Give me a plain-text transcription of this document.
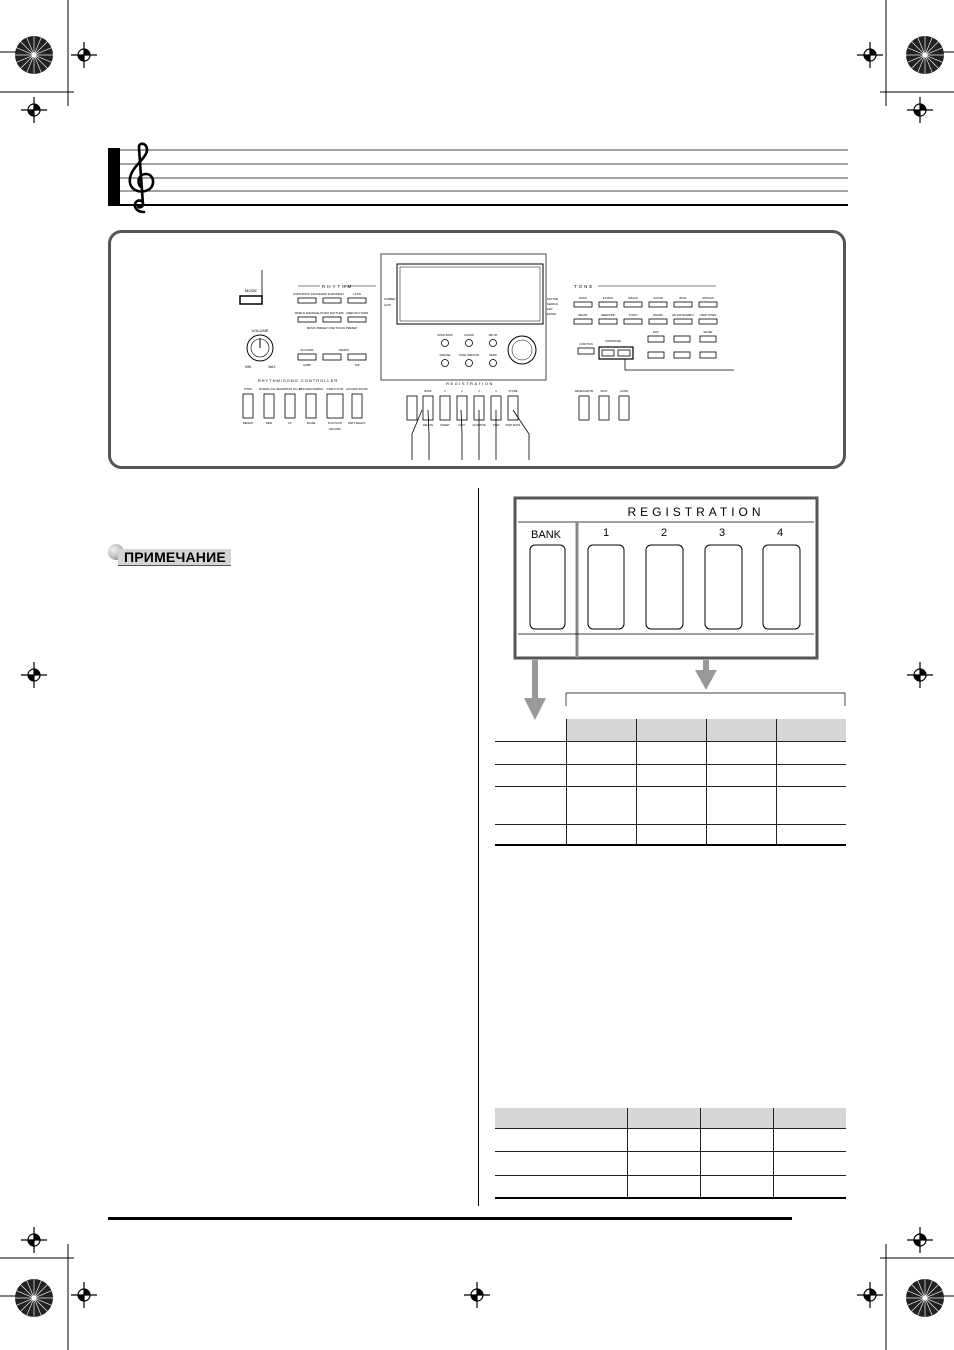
MODE
VOLUME
MIN	MAX
RHYTHM
POPS/ROCK DANCE JAZZ EUROPEAN	LATIN
WORLD ARRANGE PIANO RHYTHMS USER RHYTHMS
MUSIC PRESET ONE TOUCH PRESET
ACCOMP
ACMP
TEMPO
TAP
RHYTHM/SONG CONTROLLER
INTRO	NORMAL FILL-IN VARIATION FILL-IN
SYNCHRO/ ENDING START/ STOP ACCOMP ON/OFF
REPEAT	REW	FF	PAUSE	PLAY/STOP PART SELECT
RECORD
NUMBER
AUTO
RHYTHM
SEARCH
EXIT
ENTER
SONG BANK	CHORD	SETUP
PHRASE	TONE CREATOR	DEMO
REGISTRATION
BANK	1	2	3	4	STORE
DELETE	INSERT	COPY	QUANTIZE	STEP PART MUTE
TONE
PIANO	E.PIANO	ORGAN	GUITAR	BASS	STRINGS
BRASS	REED/PIPE	SYNTH	DRUMS	GM INSTRUMENT USER TONES
FUNCTION
TRANSPOSE
EXIT	ENTER
ARPEGGIATOR	SPLIT	LAYER
ПРИМЕЧАНИЕ
REGISTRATION
BANK	1	2	3	4
